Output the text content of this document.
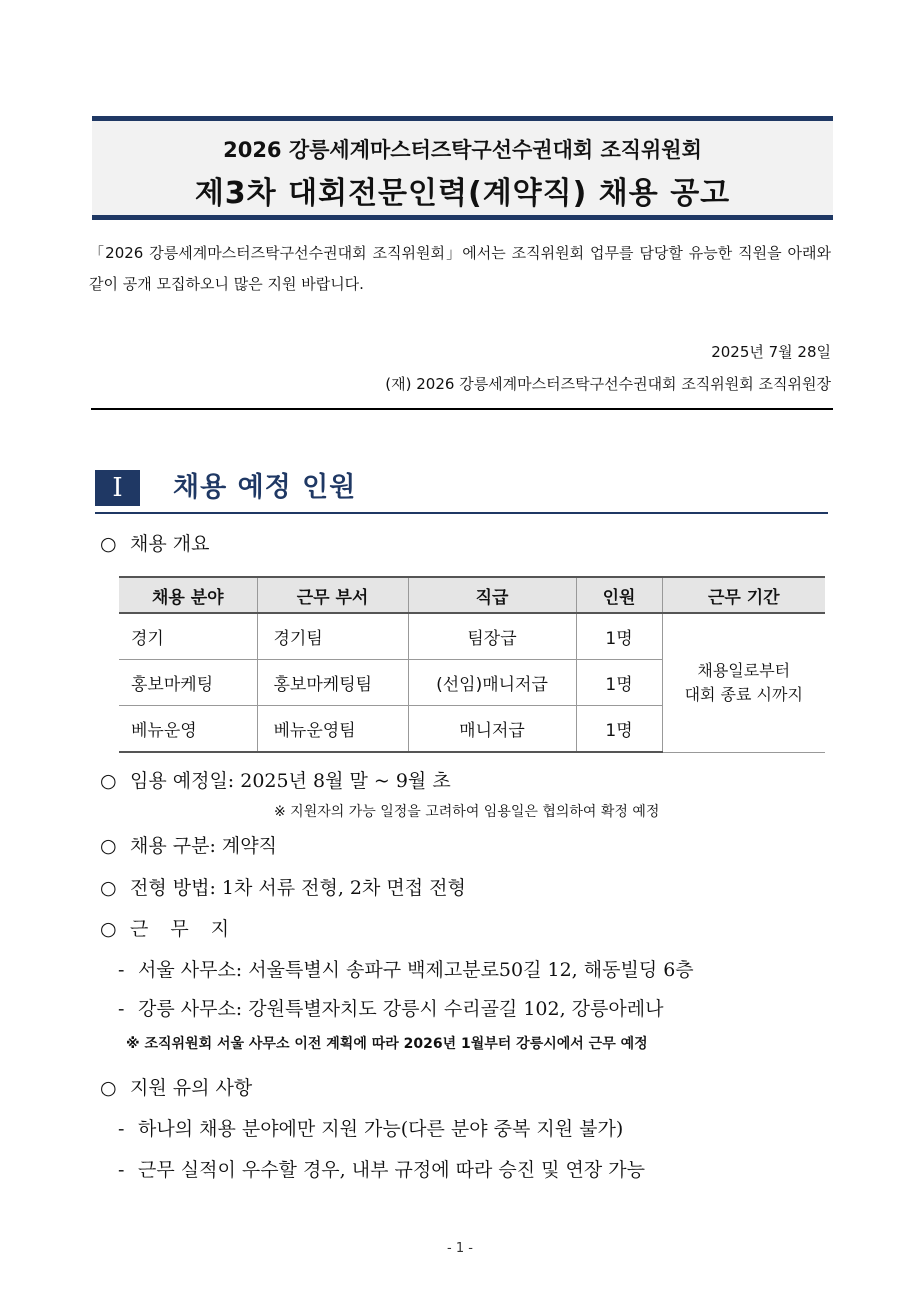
2026 강릉세계마스터즈탁구선수권대회 조직위원회
제3차 대회전문인력(계약직) 채용 공고
「2026 강릉세계마스터즈탁구선수권대회 조직위원회」에서는 조직위원회 업무를 담당할 유능한 직원을 아래와 같이 공개 모집하오니 많은 지원 바랍니다.
2025년 7월 28일
(재) 2026 강릉세계마스터즈탁구선수권대회 조직위원회 조직위원장
I	채용 예정 인원
○ 채용 개요
채용 분야	근무 부서	직급	인원	근무 기간
경기	경기팀	팀장급	1명	채용일로부터
대회 종료 시까지
홍보마케팅	홍보마케팅팀	(선임)매니저급	1명	
베뉴운영	베뉴운영팀	매니저급	1명	
○ 임용 예정일: 2025년 8월 말 ~ 9월 초
※ 지원자의 가능 일정을 고려하여 임용일은 협의하여 확정 예정
○ 채용 구분: 계약직
○ 전형 방법: 1차 서류 전형, 2차 면접 전형
○ 근 무 지
- 서울 사무소: 서울특별시 송파구 백제고분로50길 12, 해동빌딩 6층
- 강릉 사무소: 강원특별자치도 강릉시 수리골길 102, 강릉아레나
※ 조직위원회 서울 사무소 이전 계획에 따라 2026년 1월부터 강릉시에서 근무 예정
○ 지원 유의 사항
- 하나의 채용 분야에만 지원 가능(다른 분야 중복 지원 불가)
- 근무 실적이 우수할 경우, 내부 규정에 따라 승진 및 연장 가능
- 1 -
